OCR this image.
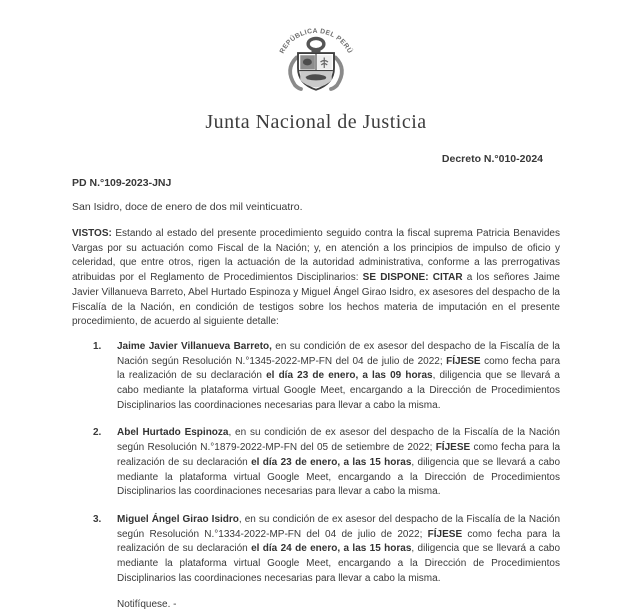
REPÚBLICA DEL PERÚ
Junta Nacional de Justicia
Decreto N.°010-2024
PD N.°109-2023-JNJ
San Isidro, doce de enero de dos mil veinticuatro.

VISTOS: Estando al estado del presente procedimiento seguido contra la fiscal suprema Patricia Benavides Vargas por su actuación como Fiscal de la Nación; y, en atención a los principios de impulso de oficio y celeridad, que entre otros, rigen la actuación de la autoridad administrativa, conforme a las prerrogativas atribuidas por el Reglamento de Procedimientos Disciplinarios: SE DISPONE: CITAR a los señores Jaime Javier Villanueva Barreto, Abel Hurtado Espinoza y Miguel Ángel Girao Isidro, ex asesores del despacho de la Fiscalía de la Nación, en condición de testigos sobre los hechos materia de imputación en el presente procedimiento, de acuerdo al siguiente detalle:

1.	Jaime Javier Villanueva Barreto, en su condición de ex asesor del despacho de la Fiscalía de la Nación según Resolución N.°1345-2022-MP-FN del 04 de julio de 2022; FÍJESE como fecha para la realización de su declaración el día 23 de enero, a las 09 horas, diligencia que se llevará a cabo mediante la plataforma virtual Google Meet, encargando a la Dirección de Procedimientos Disciplinarios las coordinaciones necesarias para llevar a cabo la misma.

2.	Abel Hurtado Espinoza, en su condición de ex asesor del despacho de la Fiscalía de la Nación según Resolución N.°1879-2022-MP-FN del 05 de setiembre de 2022; FÍJESE como fecha para la realización de su declaración el día 23 de enero, a las 15 horas, diligencia que se llevará a cabo mediante la plataforma virtual Google Meet, encargando a la Dirección de Procedimientos Disciplinarios las coordinaciones necesarias para llevar a cabo la misma.

3.	Miguel Ángel Girao Isidro, en su condición de ex asesor del despacho de la Fiscalía de la Nación según Resolución N.°1334-2022-MP-FN del 04 de julio de 2022; FÍJESE como fecha para la realización de su declaración el día 24 de enero, a las 15 horas, diligencia que se llevará a cabo mediante la plataforma virtual Google Meet, encargando a la Dirección de Procedimientos Disciplinarios las coordinaciones necesarias para llevar a cabo la misma.

Notifíquese. -
